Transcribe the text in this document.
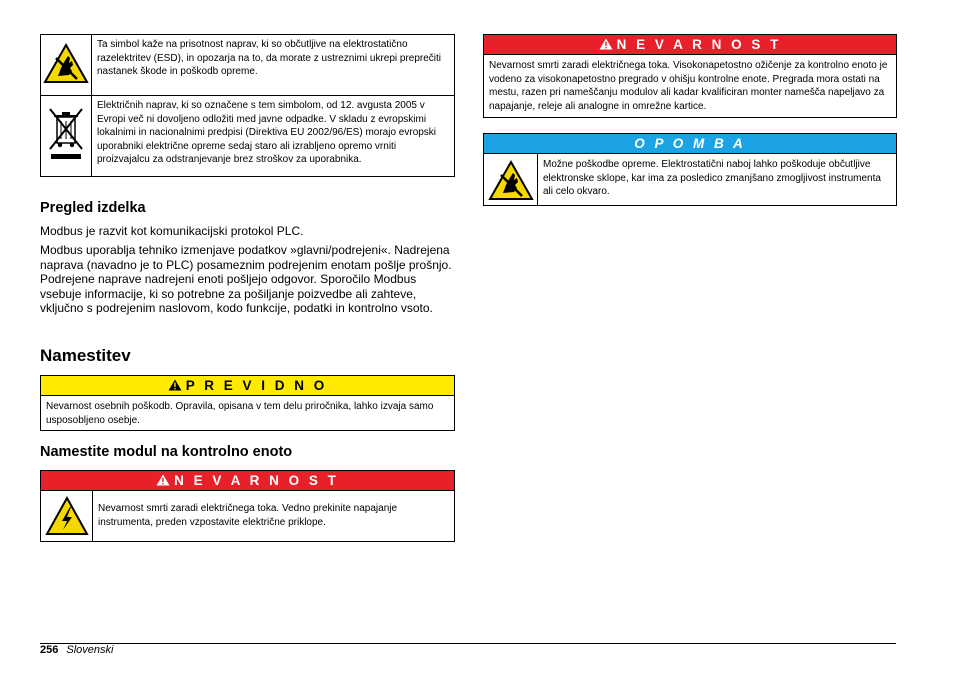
	Ta simbol kaže na prisotnost naprav, ki so občutljive na elektrostatično razelektritev (ESD), in opozarja na to, da morate z ustreznimi ukrepi preprečiti nastanek škode in poškodb opreme.
	Električnih naprav, ki so označene s tem simbolom, od 12. avgusta 2005 v Evropi več ni dovoljeno odložiti med javne odpadke. V skladu z evropskimi lokalnimi in nacionalnimi predpisi (Direktiva EU 2002/96/ES) morajo evropski uporabniki električne opreme sedaj staro ali izrabljeno opremo vrniti proizvajalcu za odstranjevanje brez stroškov za uporabnika.
Pregled izdelka

Modbus je razvit kot komunikacijski protokol PLC.

Modbus uporablja tehniko izmenjave podatkov »glavni/podrejeni«. Nadrejena naprava (navadno je to PLC) posameznim podrejenim enotam pošlje prošnjo. Podrejene naprave nadrejeni enoti pošljejo odgovor. Sporočilo Modbus vsebuje informacije, ki so potrebne za pošiljanje poizvedbe ali zahteve, vključno s podrejenim naslovom, kodo funkcije, podatki in kontrolno vsoto.

Namestitev
P R E V I D N O
Nevarnost osebnih poškodb. Opravila, opisana v tem delu priročnika, lahko izvaja samo usposobljeno osebje.
Namestite modul na kontrolno enoto
N E V A R N O S T
Nevarnost smrti zaradi električnega toka. Vedno prekinite napajanje instrumenta, preden vzpostavite električne priklope.
N E V A R N O S T
Nevarnost smrti zaradi električnega toka. Visokonapetostno ožičenje za kontrolno enoto je vodeno za visokonapetostno pregrado v ohišju kontrolne enote. Pregrada mora ostati na mestu, razen pri nameščanju modulov ali kadar kvalificiran monter namešča napeljavo za napajanje, releje ali analogne in omrežne kartice.
O P O M B A
Možne poškodbe opreme. Elektrostatični naboj lahko poškoduje občutljive elektronske sklope, kar ima za posledico zmanjšano zmogljivost instrumenta ali celo okvaro.
256 Slovenski
